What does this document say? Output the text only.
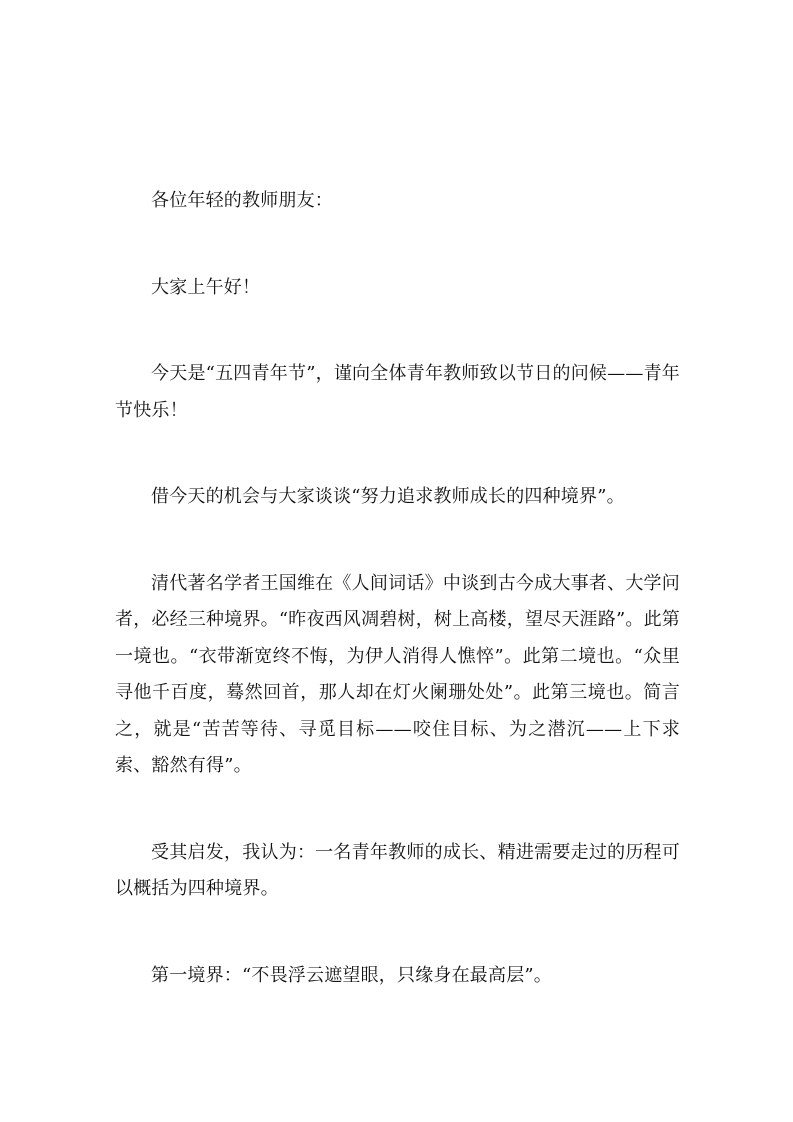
各位年轻的教师朋友：

大家上午好！

今天是“五四青年节”，谨向全体青年教师致以节日的问候——青年节快乐！

借今天的机会与大家谈谈“努力追求教师成长的四种境界”。

清代著名学者王国维在《人间词话》中谈到古今成大事者、大学问者，必经三种境界。“昨夜西风凋碧树，树上高楼，望尽天涯路”。此第一境也。“衣带渐宽终不悔，为伊人消得人憔悴”。此第二境也。“众里寻他千百度，蓦然回首，那人却在灯火阑珊处处”。此第三境也。简言之，就是“苦苦等待、寻觅目标——咬住目标、为之潜沉——上下求索、豁然有得”。

受其启发，我认为：一名青年教师的成长、精进需要走过的历程可以概括为四种境界。

第一境界：“不畏浮云遮望眼，只缘身在最高层”。
